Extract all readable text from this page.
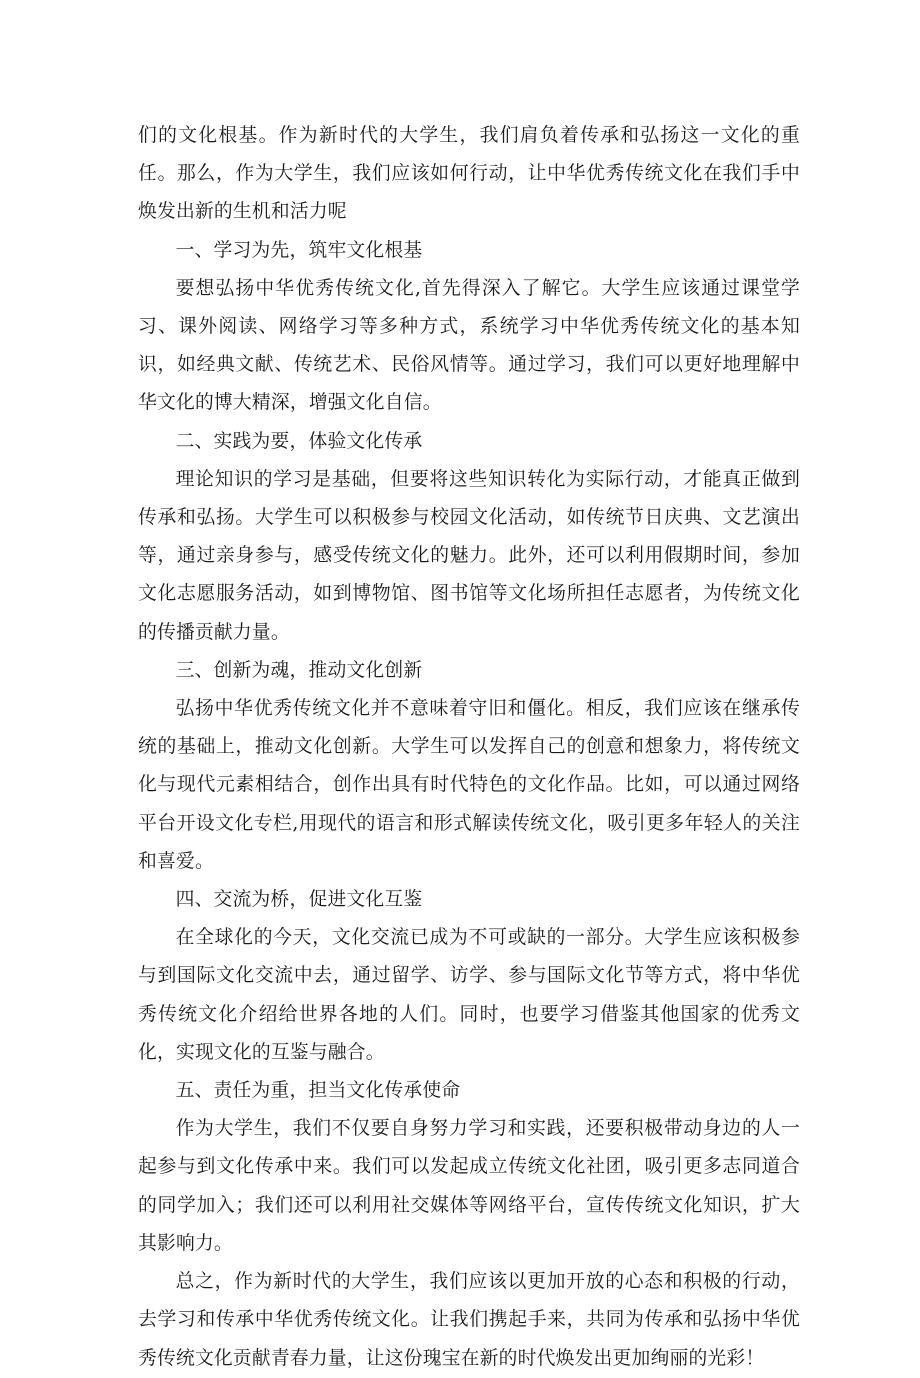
们的文化根基。作为新时代的大学生，我们肩负着传承和弘扬这一文化的重任。那么，作为大学生，我们应该如何行动，让中华优秀传统文化在我们手中焕发出新的生机和活力呢

一、学习为先，筑牢文化根基

要想弘扬中华优秀传统文化,首先得深入了解它。大学生应该通过课堂学习、课外阅读、网络学习等多种方式，系统学习中华优秀传统文化的基本知识，如经典文献、传统艺术、民俗风情等。通过学习，我们可以更好地理解中华文化的博大精深，增强文化自信。

二、实践为要，体验文化传承

理论知识的学习是基础，但要将这些知识转化为实际行动，才能真正做到传承和弘扬。大学生可以积极参与校园文化活动，如传统节日庆典、文艺演出等，通过亲身参与，感受传统文化的魅力。此外，还可以利用假期时间，参加文化志愿服务活动，如到博物馆、图书馆等文化场所担任志愿者，为传统文化的传播贡献力量。

三、创新为魂，推动文化创新

弘扬中华优秀传统文化并不意味着守旧和僵化。相反，我们应该在继承传统的基础上，推动文化创新。大学生可以发挥自己的创意和想象力，将传统文化与现代元素相结合，创作出具有时代特色的文化作品。比如，可以通过网络平台开设文化专栏,用现代的语言和形式解读传统文化，吸引更多年轻人的关注和喜爱。

四、交流为桥，促进文化互鉴

在全球化的今天，文化交流已成为不可或缺的一部分。大学生应该积极参与到国际文化交流中去，通过留学、访学、参与国际文化节等方式，将中华优秀传统文化介绍给世界各地的人们。同时，也要学习借鉴其他国家的优秀文化，实现文化的互鉴与融合。

五、责任为重，担当文化传承使命

作为大学生，我们不仅要自身努力学习和实践，还要积极带动身边的人一起参与到文化传承中来。我们可以发起成立传统文化社团，吸引更多志同道合的同学加入；我们还可以利用社交媒体等网络平台，宣传传统文化知识，扩大其影响力。

总之，作为新时代的大学生，我们应该以更加开放的心态和积极的行动，去学习和传承中华优秀传统文化。让我们携起手来，共同为传承和弘扬中华优秀传统文化贡献青春力量，让这份瑰宝在新的时代焕发出更加绚丽的光彩！
